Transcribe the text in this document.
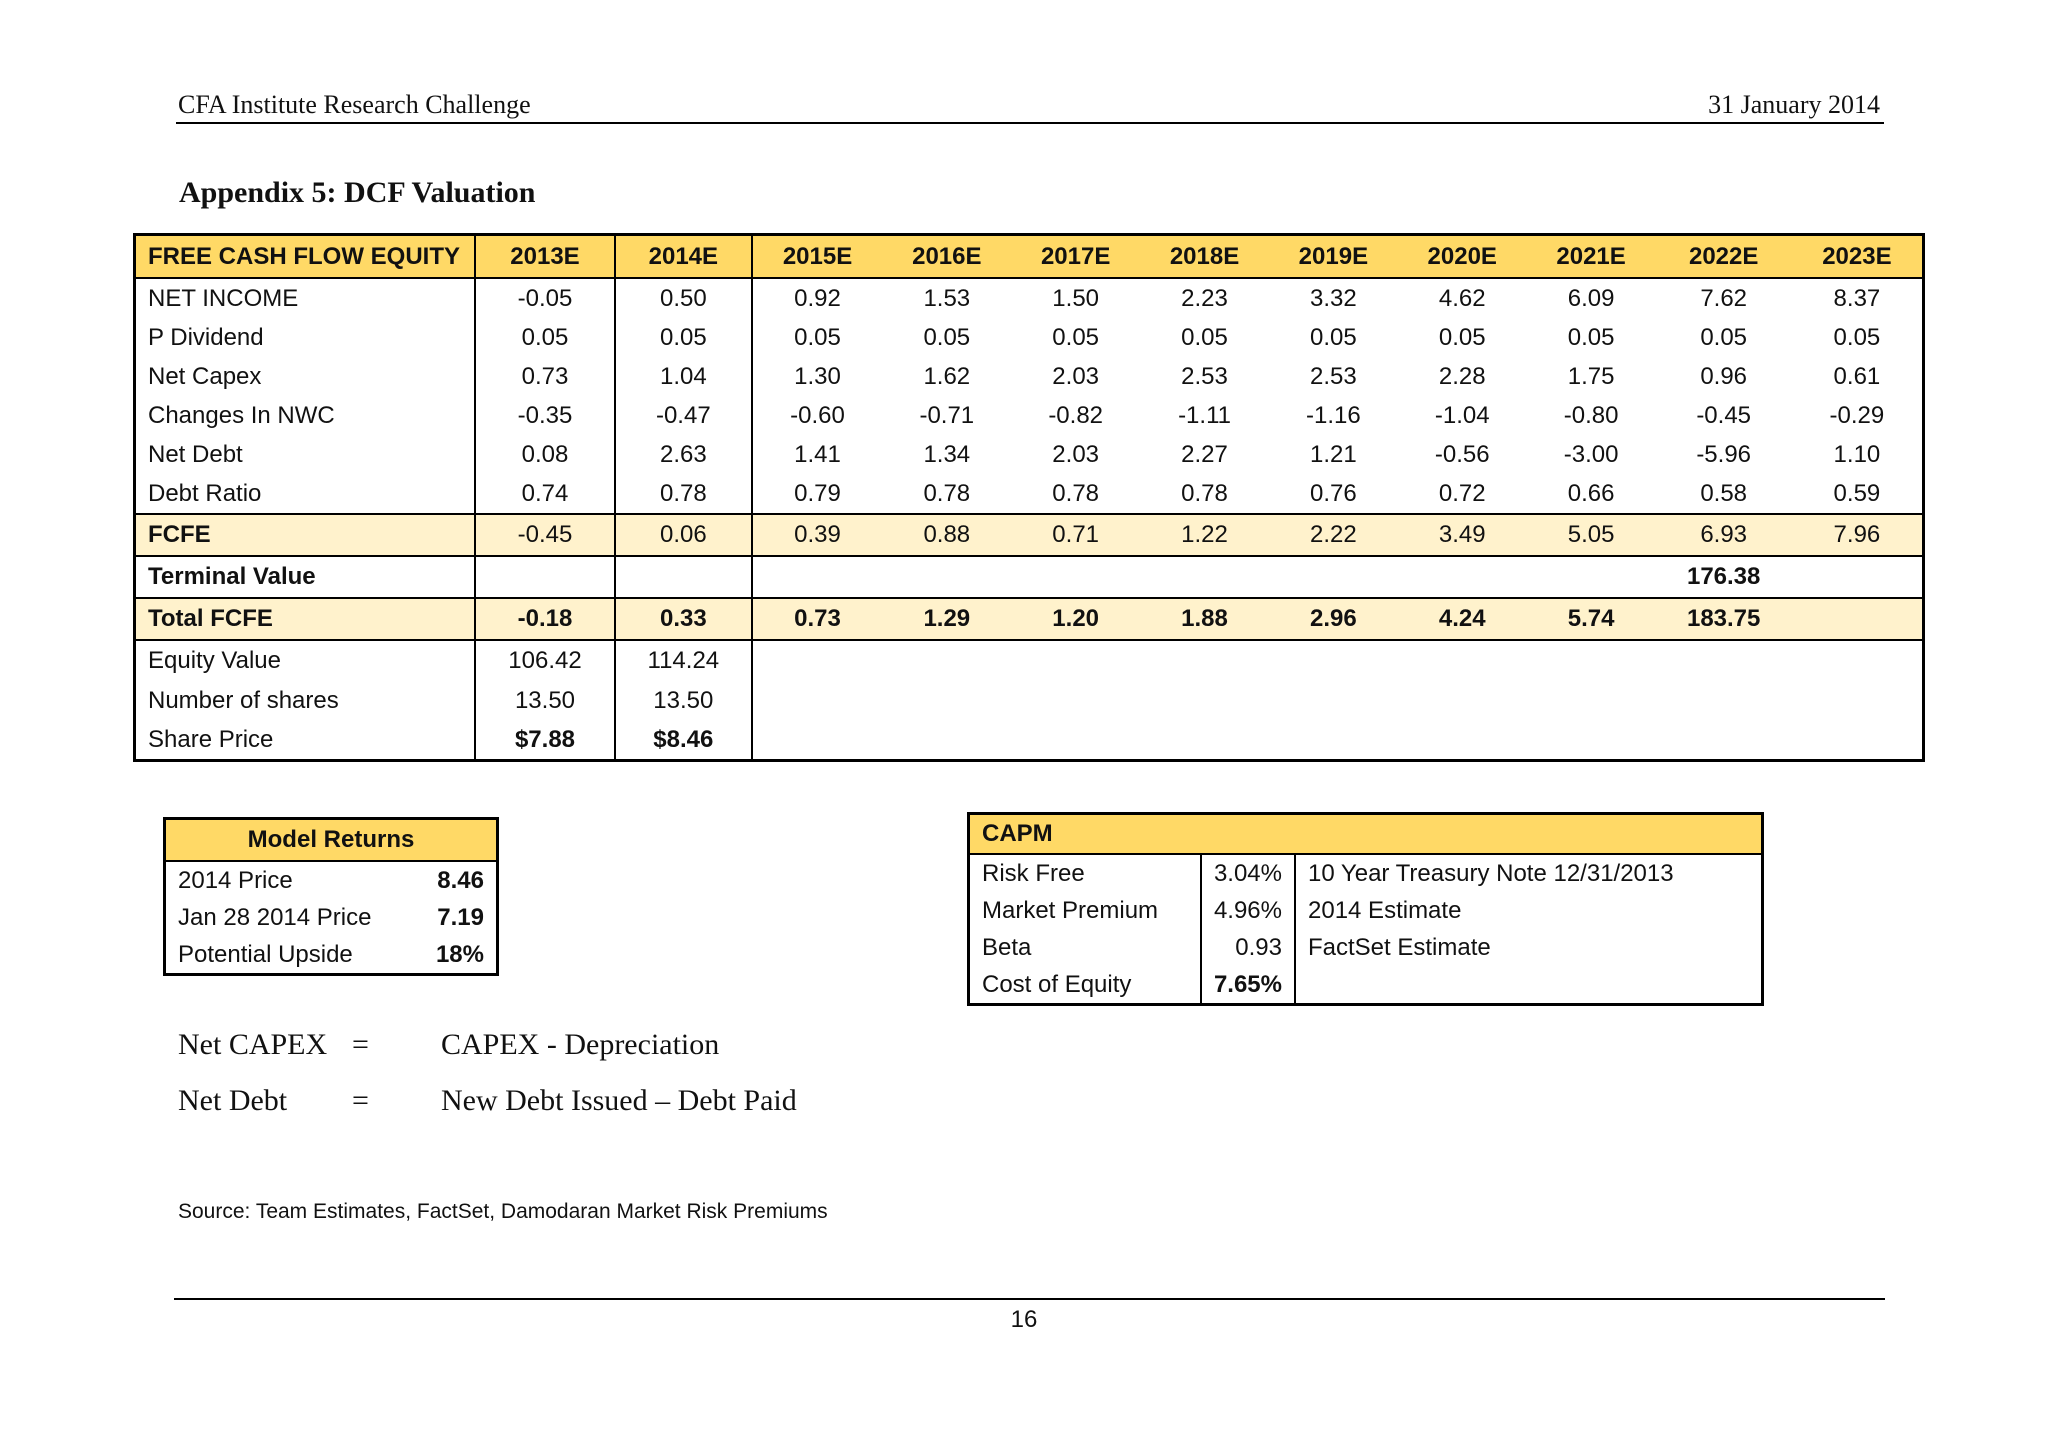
CFA Institute Research Challenge	31 January 2014
Appendix 5: DCF Valuation
FREE CASH FLOW EQUITY	2013E	2014E	2015E	2016E	2017E	2018E	2019E	2020E	2021E	2022E	2023E
NET INCOME	-0.05	0.50	0.92	1.53	1.50	2.23	3.32	4.62	6.09	7.62	8.37
P Dividend	0.05	0.05	0.05	0.05	0.05	0.05	0.05	0.05	0.05	0.05	0.05
Net Capex	0.73	1.04	1.30	1.62	2.03	2.53	2.53	2.28	1.75	0.96	0.61
Changes In NWC	-0.35	-0.47	-0.60	-0.71	-0.82	-1.11	-1.16	-1.04	-0.80	-0.45	-0.29
Net Debt	0.08	2.63	1.41	1.34	2.03	2.27	1.21	-0.56	-3.00	-5.96	1.10
Debt Ratio	0.74	0.78	0.79	0.78	0.78	0.78	0.76	0.72	0.66	0.58	0.59
FCFE	-0.45	0.06	0.39	0.88	0.71	1.22	2.22	3.49	5.05	6.93	7.96
Terminal Value										176.38	
Total FCFE	-0.18	0.33	0.73	1.29	1.20	1.88	2.96	4.24	5.74	183.75	
Equity Value	106.42	114.24									
Number of shares	13.50	13.50									
Share Price	$7.88	$8.46									
Model Returns	
2014 Price	8.46
Jan 28 2014 Price	7.19
Potential Upside	18%
CAPM		
Risk Free	3.04%	10 Year Treasury Note 12/31/2013
Market Premium	4.96%	2014 Estimate
Beta	0.93	FactSet Estimate
Cost of Equity	7.65%	
Net CAPEX = CAPEX - Depreciation
Net Debt = New Debt Issued – Debt Paid
Source: Team Estimates, FactSet, Damodaran Market Risk Premiums
16
